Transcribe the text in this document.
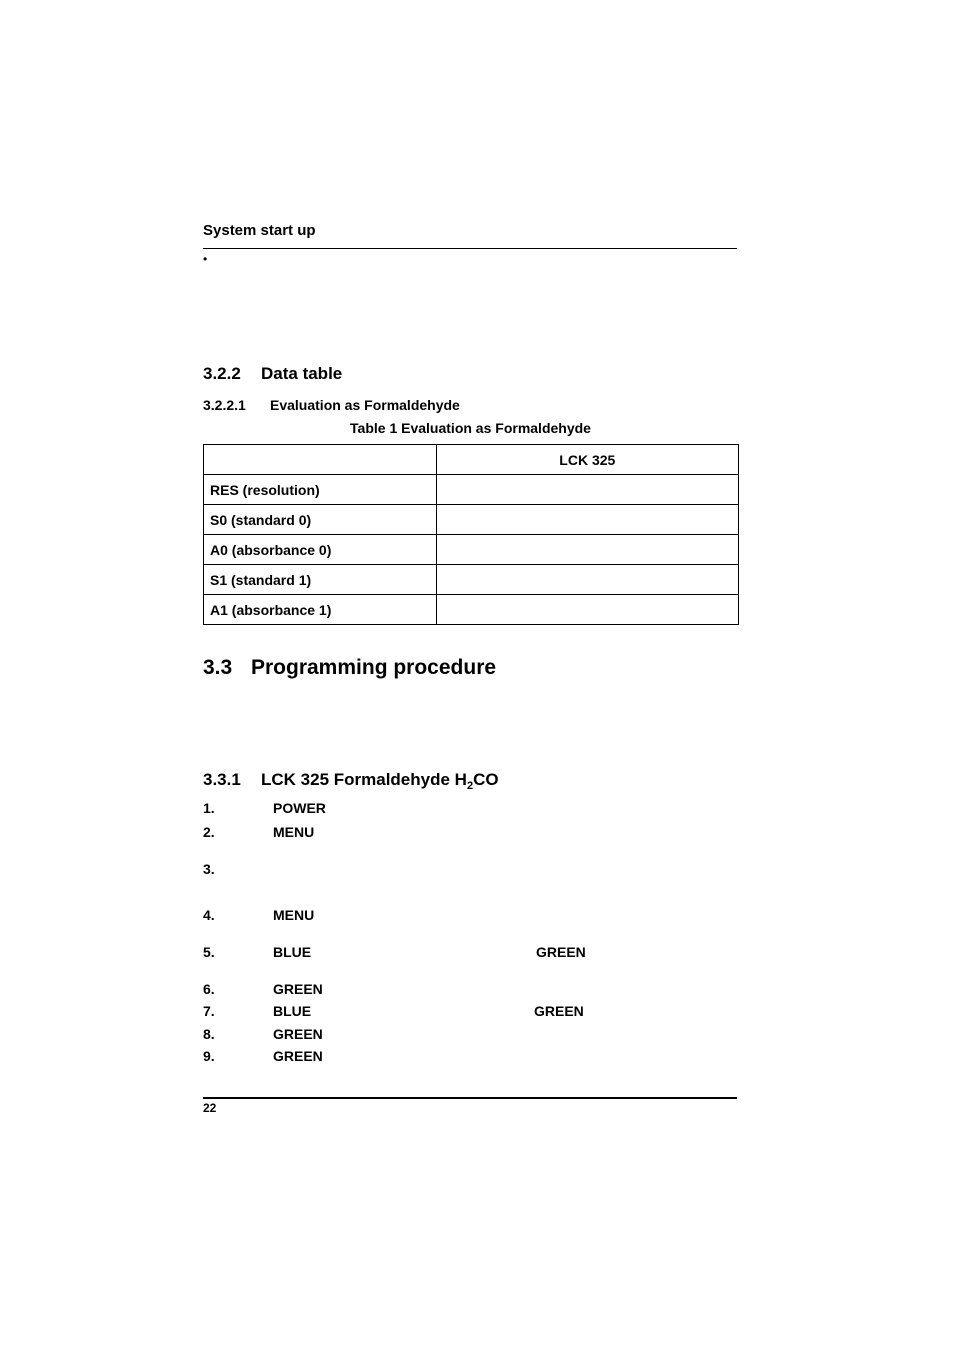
System start up
•
3.2.2 Data table
3.2.2.1 Evaluation as Formaldehyde
Table 1 Evaluation as Formaldehyde
	LCK 325
RES (resolution)	
S0 (standard 0)	
A0 (absorbance 0)	
S1 (standard 1)	
A1 (absorbance 1)	
3.3 Programming procedure
3.3.1 LCK 325 Formaldehyde $H_2CO$
1.	POWER
2.	MENU
3.
4.	MENU
5.	BLUE	GREEN
6.	GREEN
7.	BLUE	GREEN
8.	GREEN
9.	GREEN
22
